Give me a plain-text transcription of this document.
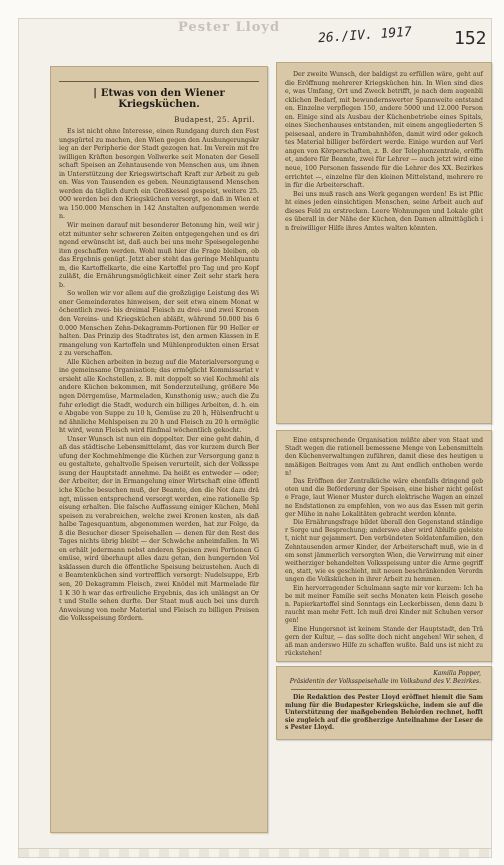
Pester Lloyd	26./IV. 1917 152
| Etwas von den Wiener Kriegsküchen.
Budapest, 25. April.
Es ist nicht ohne Interesse, einen Rundgang durch den Festungsgürtel zu machen, den Wien gegen den Aushungerungskrieg an der Peripherie der Stadt gezogen hat. Im Verein mit freiwilligen Kräften besorgen Vollwerke seit Monaten der Gesellschaft Speisen an Zehntausende von Menschen aus, um ihnen in Unterstützung der Kriegswirtschaft Kraft zur Arbeit zu geben. Was von Tausenden es geben. Neunzigtausend Menschen werden da täglich durch ein Großkessel gespeist, weitere 25.000 werden bei den Kriegsküchen versorgt, so daß in Wien etwa 150.000 Menschen in 142 Anstalten aufgenommen werden.
Wir meinen darauf mit besonderer Betonung hin, weil wir jetzt mitunter sehr schweren Zeiten entgegengehen und es dringend erwünscht ist, daß auch bei uns mehr Speisegelegenheiten geschaffen werden. Wohl muß hier die Frage bleiben, ob das Ergebnis genügt. Jetzt aber steht das geringe Mehlquantum, die Kartoffelkarte, die eine Kartoffel pro Tag und pro Kopf zuläßt, die Ernährungsmöglichkeit einer Zeit sehr stark herab.
So wollen wir vor allem auf die großzügige Leistung des Wiener Gemeinderates hinweisen, der seit etwa einem Monat wöchentlich zwei- bis dreimal Fleisch zu drei- und zwei Kronen den Vereins- und Kriegsküchen abläßt, während 50.000 bis 60.000 Menschen Zehn-Dekagramm-Portionen für 90 Heller erhalten. Das Prinzip des Stadtrates ist, den armen Klassen in Ermangelung von Kartoffeln und Mühlenprodukten einen Ersatz zu verschaffen.
Alle Küchen arbeiten in bezug auf die Materialversorgung eine gemeinsame Organisation; das ermöglicht Kommissariat versieht alle Kochstellen, z. B. mit doppelt so viel Kochmehl als andere Küchen bekommen, mit Sonderzuteilung, größere Mengen Dörrgemüse, Marmeladen, Kunsthonig usw.; auch die Zufuhr erledigt die Stadt, wodurch ein billiges Arbeiten, d. h. eine Abgabe von Suppe zu 10 h, Gemüse zu 20 h, Hülsenfrucht und ähnliche Mehlspeisen zu 20 h und Fleisch zu 20 h ermöglicht wird, wenn Fleisch wird fünfmal wöchentlich gekocht.
Unser Wunsch ist nun ein doppelter. Der eine geht dahin, daß das städtische Lebensmittelamt, das vor kurzem durch Berufung der Kochmehlmenge die Küchen zur Versorgung ganz neu gestaltete, gehaltvolle Speisen verurteilt, sich der Volksspeisung der Hauptstadt annehme. Da heißt es entweder — oder; der Arbeiter, der in Ermangelung einer Wirtschaft eine öffentliche Küche besuchen muß, der Beamte, den die Not dazu drängt, müssen entsprechend versorgt werden, eine rationelle Speisung erhalten. Die falsche Auffassung einiger Küchen, Mehlspeisen zu verabreichen, welche zwei Kronen kosten, als daß halbe Tagesquantum, abgenommen werden, hat zur Folge, daß die Besucher dieser Speisehallen — denen für den Rest des Tages nichts übrig bleibt — der Schwäche anheimfallen. In Wien erhält jedermann nebst anderen Speisen zwei Portionen Gemüse, wird überhaupt alles dazu getan, den hungernden Volksklassen durch die öffentliche Speisung beizustehen. Auch die Beamtenküchen sind vortrefflich versorgt: Nudelsuppe, Erbsen, 20 Dekagramm Fleisch, zwei Knödel mit Marmelade für 1 K 30 h war das erfreuliche Ergebnis, das ich unlängst an Ort und Stelle sehen durfte. Der Staat muß auch bei uns durch Anweisung von mehr Material und Fleisch zu billigen Preisen die Volksspeisung fördern.
Der zweite Wunsch, der baldigst zu erfüllen wäre, geht auf die Eröffnung mehrerer Kriegsküchen hin. In Wien sind diese, was Umfang, Ort und Zweck betrifft, je nach dem augenblicklichen Bedarf, mit bewundernswerter Spannweite entstanden. Einzelne verpflegen 150, andere 5000 und 12.000 Personen. Einige sind als Ausbau der Küchenbetriebe eines Spitals, eines Siechenhauses entstanden, mit einem angegliederten Speisesaal, andere in Trambahnhöfen, damit wird oder gekochtes Material billiger befördert werde. Einige wurden auf Verlangen von Körperschaften, z. B. der Telephonzentrale, eröffnet, andere für Beamte, zwei für Lehrer — auch jetzt wird eine neue, 100 Personen fassende für die Lehrer des XX. Bezirkes errichtet —, einzelne für den kleinen Mittelstand, mehrere rein für die Arbeiterschaft.
Bei uns muß rasch ans Werk gegangen werden! Es ist Pflicht eines jeden einsichtigen Menschen, seine Arbeit auch auf dieses Feld zu erstrecken. Leere Wohnungen und Lokale gibt es überall in der Nähe der Küchen, den Damen allmittäglich in freiwilliger Hilfe ihres Amtes walten könnten.
Eine entsprechende Organisation müßte aber von Staat und Stadt wegen die rationell bemessene Menge von Lebensmitteln den Küchenverwaltungen zuführen, damit diese des heutigen unmäßigen Beitrages vom Amt zu Amt endlich enthoben werden!
Das Eröffnen der Zentralküche wäre ebenfalls dringend geboten und die Beförderung der Speisen, eine bisher nicht gelöste Frage, laut Wiener Muster durch elektrische Wagen an einzelne Endstationen zu empfehlen, von wo aus das Essen mit geringer Mühe in nahe Lokalitäten gebracht werden könnte.
Die Ernährungsfrage bildet überall den Gegenstand ständiger Sorge und Besprechung; anderswo aber wird Abhilfe geleistet, nicht nur gejammert. Den verbündeten Soldatenfamilien, den Zehntausenden armer Kinder, der Arbeiterschaft muß, wie in dem sonst jämmerlich versorgten Wien, die Verwirrung mit einer weitherziger behandelten Volksspeisung unter die Arme gegriffen, statt, wie es geschieht, mit neuen beschränkenden Verordnungen die Volksküchen in ihrer Arbeit zu hemmen.
Ein hervorragender Schulmann sagte mir vor kurzem: Ich habe mit meiner Familie seit sechs Monaten kein Fleisch gesehen. Papierkartoffel sind Sonntags ein Leckerbissen, denn dazu braucht man mehr Fett. Ich muß drei Kinder mit Schuhen versorgen!
Eine Hungersnot ist keinem Stande der Hauptstadt, den Trägern der Kultur, — das sollte doch nicht angehen! Wir sehen, daß man anderswo Hilfe zu schaffen wußte. Bald uns ist nicht zurückstehen!
Kamilla Popper,
Präsidentin der Volksspeisehalle im Volksbund des V. Bezirkes.
Die Redaktion des Pester Lloyd eröffnet hiemit die Sammlung für die Budapester Kriegsküche, indem sie auf die Unterstützung der maßgebenden Behörden rechnet, hofft sie zugleich auf die großherzige Anteilnahme der Leser des Pester Lloyd.
